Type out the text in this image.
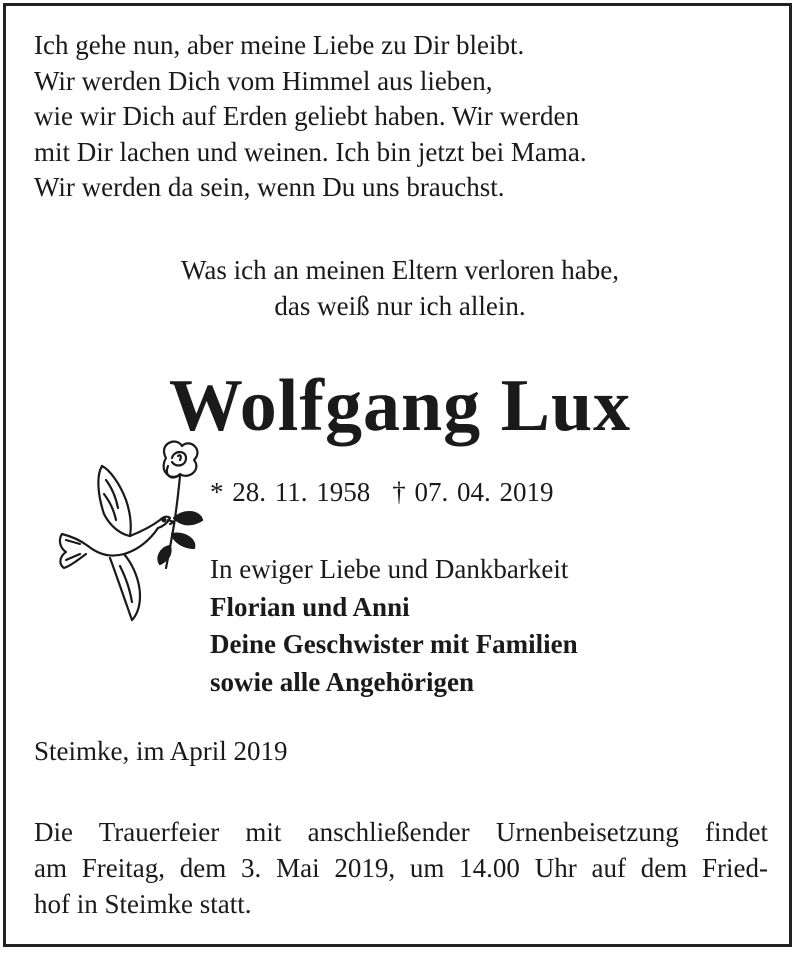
Ich gehe nun, aber meine Liebe zu Dir bleibt.
Wir werden Dich vom Himmel aus lieben,
wie wir Dich auf Erden geliebt haben. Wir werden
mit Dir lachen und weinen. Ich bin jetzt bei Mama.
Wir werden da sein, wenn Du uns brauchst.
Was ich an meinen Eltern verloren habe,
das weiß nur ich allein.
Wolfgang Lux
* 28. 11. 1958 † 07. 04. 2019
In ewiger Liebe und Dankbarkeit
Florian und Anni
Deine Geschwister mit Familien
sowie alle Angehörigen
Steimke, im April 2019
Die Trauerfeier mit anschließender Urnenbeisetzung findet
am Freitag, dem 3. Mai 2019, um 14.00 Uhr auf dem Fried-
hof in Steimke statt.
